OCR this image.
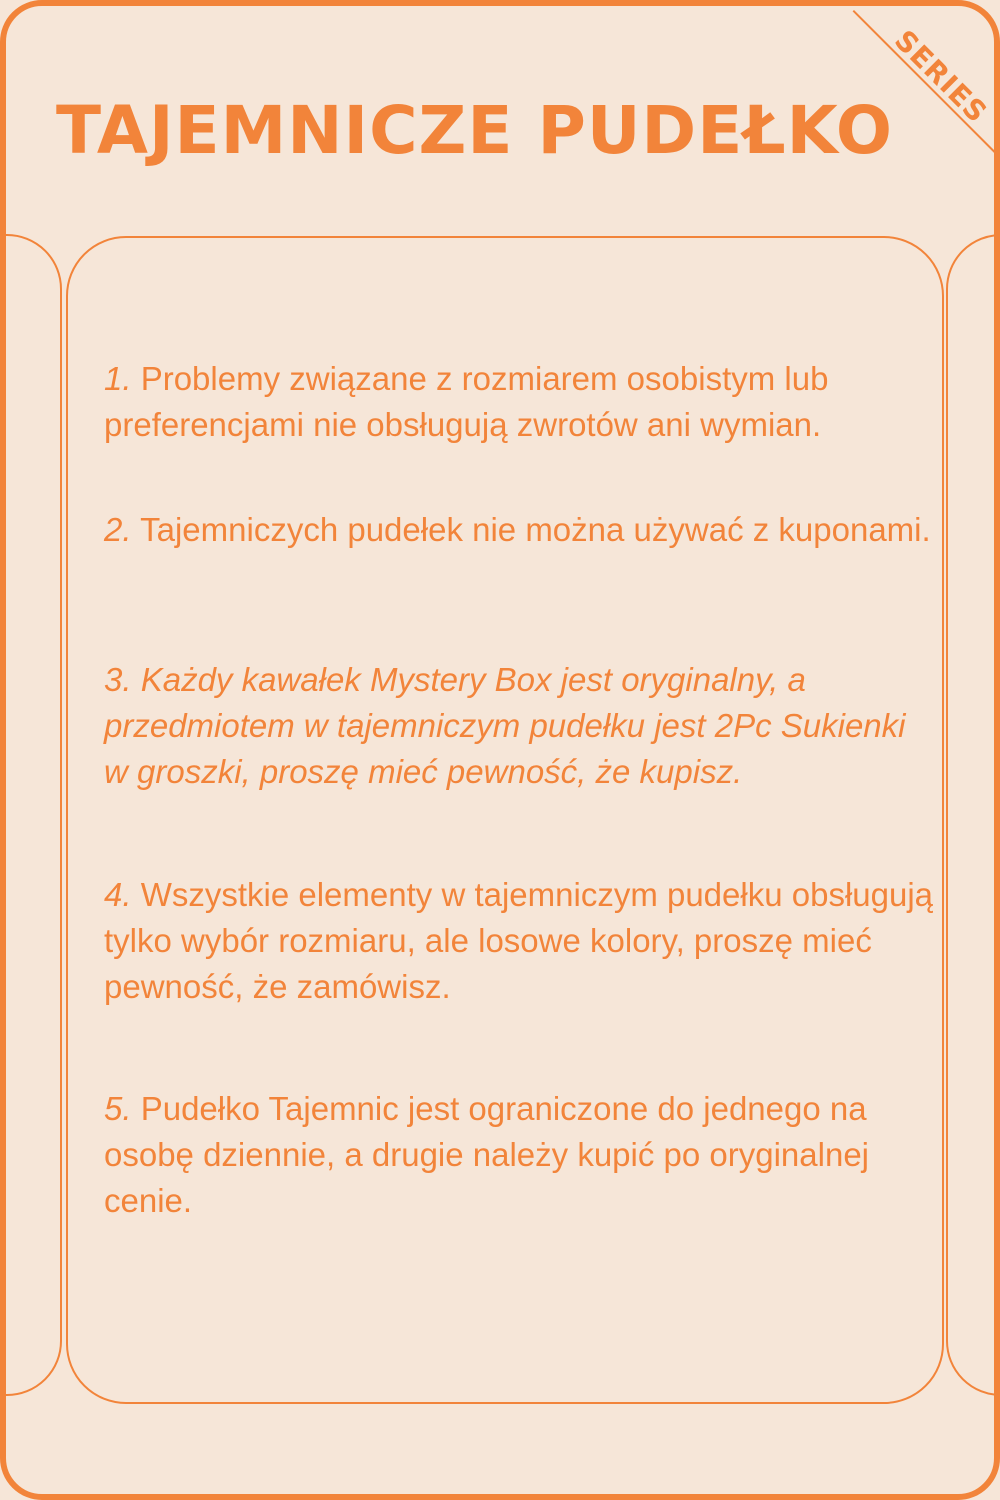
TAJEMNICZE PUDEŁKO
SERIES

1. Problemy związane z rozmiarem osobistym lub preferencjami nie obsługują zwrotów ani wymian.

2. Tajemniczych pudełek nie można używać z kuponami.

3. Każdy kawałek Mystery Box jest oryginalny, a przedmiotem w tajemniczym pudełku jest 2Pc Sukienki w groszki, proszę mieć pewność, że kupisz.

4. Wszystkie elementy w tajemniczym pudełku obsługują tylko wybór rozmiaru, ale losowe kolory, proszę mieć pewność, że zamówisz.

5. Pudełko Tajemnic jest ograniczone do jednego na osobę dziennie, a drugie należy kupić po oryginalnej cenie.
